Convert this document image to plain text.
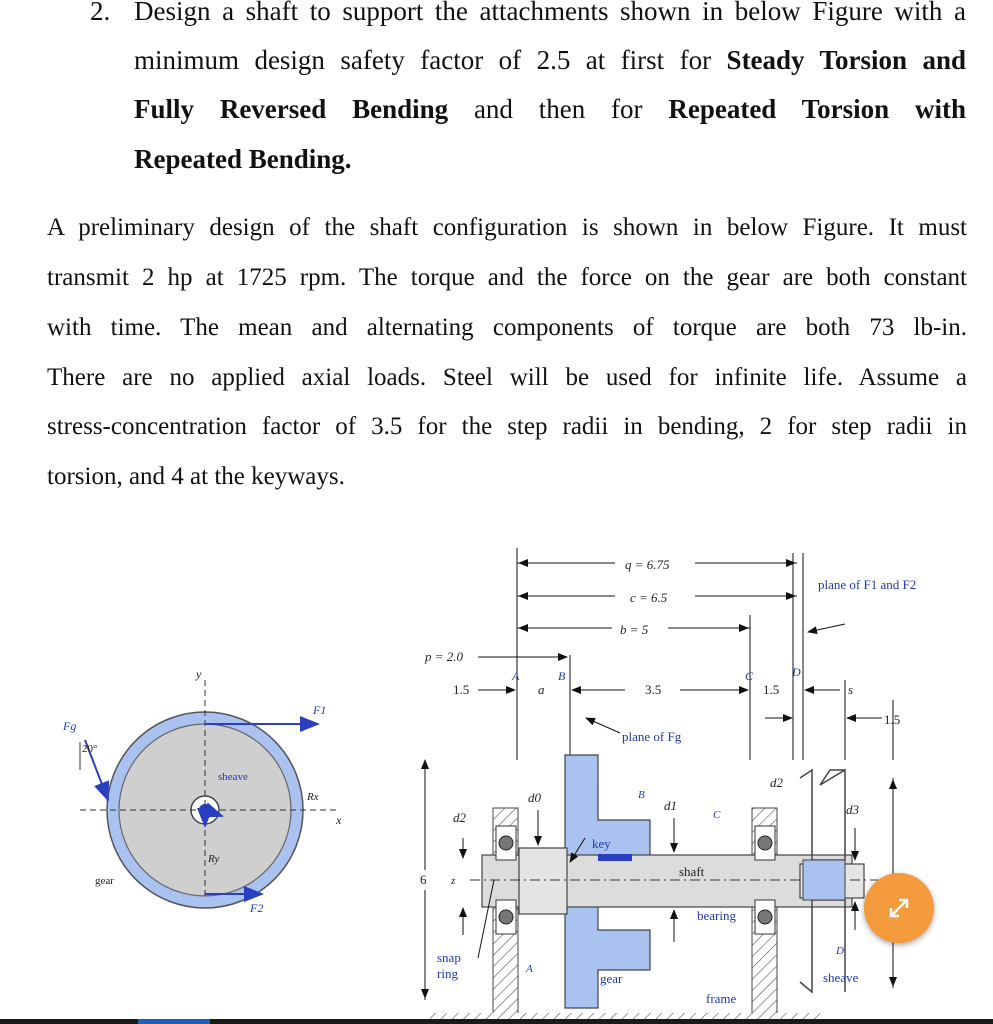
2. Design a shaft to support the attachments shown in below Figure with a
minimum design safety factor of 2.5 at first for Steady Torsion and
Fully Reversed Bending and then for Repeated Torsion with
Repeated Bending.
A preliminary design of the shaft configuration is shown in below Figure. It must
transmit 2 hp at 1725 rpm. The torque and the force on the gear are both constant
with time. The mean and alternating components of torque are both 73 lb-in.
There are no applied axial loads. Steel will be used for infinite life. Assume a
stress-concentration factor of 3.5 for the step radii in bending, 2 for step radii in
torsion, and 4 at the keyways.
y
x
F1
F2
Fg
20°
Rx
Ry
sheave
gear
q = 6.75
c = 6.5
b = 5
plane of F1 and F2
p = 2.0
1.5	a	3.5	1.5	s
1.5
A	B	C	D
plane of Fg
6 z
d2
key
d0	B
d1
C
shaft
bearing
d2
d3
snap
ring	A
gear
frame
D
sheave
